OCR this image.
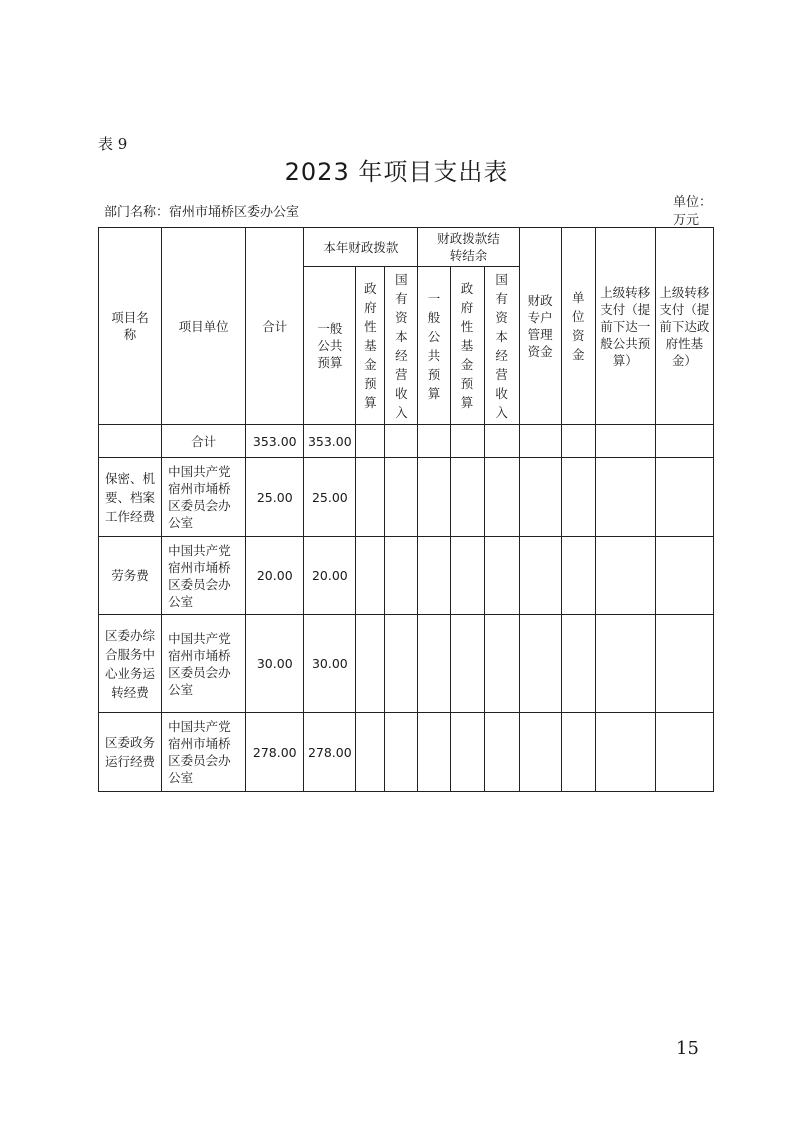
表 9
2023 年项目支出表
部门名称：宿州市埇桥区委办公室
单位：
万元
项目名称	项目单位	合计	本年财政拨款			财政拨款结转结余			财政专户管理资金	单位资金	上级转移支付（提前下达一般公共预算）	上级转移支付（提前下达政府性基金）
			一般公共预算	政府性基金预算	国有资本经营收入	一般公共预算	政府性基金预算	国有资本经营收入				
	合计	353.00	353.00									
保密、机要、档案工作经费	中国共产党宿州市埇桥区委员会办公室	25.00	25.00									
劳务费	中国共产党宿州市埇桥区委员会办公室	20.00	20.00									
区委办综合服务中心业务运转经费	中国共产党宿州市埇桥区委员会办公室	30.00	30.00									
区委政务运行经费	中国共产党宿州市埇桥区委员会办公室	278.00	278.00									
15
